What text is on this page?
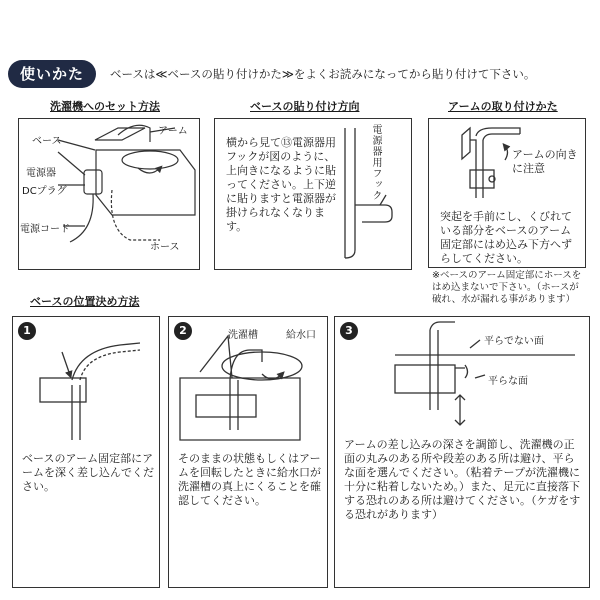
使いかた	ベースは≪ベースの貼り付けかた≫をよくお読みになってから貼り付けて下さい。
洗濯機へのセット方法	ベースの貼り付け方向	アームの取り付けかた
ベース
アーム
電源器
DCプラグ
電源コード
ホース
横から見て⑬電源器用フックが図のように、上向きになるように貼ってください。上下逆に貼りますと電源器が掛けられなくなります。
電源器用フック	アームの向きに注意
突起を手前にし、くびれている部分をベースのアーム固定部にはめ込み下方へずらしてください。
※ベースのアーム固定部にホースをはめ込まないで下さい。（ホースが破れ、水が漏れる事があります）
ベースの位置決め方法
1	2	3
洗濯槽	給水口
平らでない面
平らな面
ベースのアーム固定部にアームを深く差し込んでください。
そのままの状態もしくはアームを回転したときに給水口が洗濯槽の真上にくることを確認してください。
アームの差し込みの深さを調節し、洗濯機の正面の丸みのある所や段差のある所は避け、平らな面を選んでください。（粘着テープが洗濯機に十分に粘着しないため。）また、足元に直接落下する恐れのある所は避けてください。（ケガをする恐れがあります）
